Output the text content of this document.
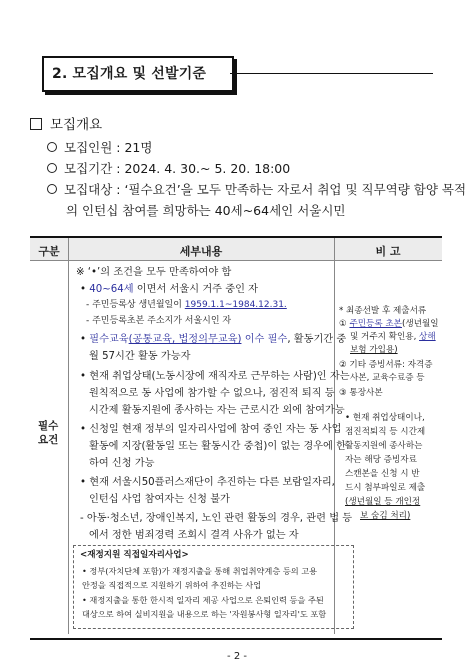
2. 모집개요 및 선발기준
모집개요
모집인원 : 21명
모집기간 : 2024. 4. 30.~ 5. 20. 18:00
모집대상 : ‘필수요건’을 모두 만족하는 자로서 취업 및 직무역량 함양 목적
의 인턴십 참여를 희망하는 40세~64세인 서울시민
구분	세부내용	비 고
필수
요건
※ ‘•’의 조건을 모두 만족하여야 함
• 40~64세 이면서 서울시 거주 중인 자
- 주민등록상 생년월일이 1959.1.1~1984.12.31.
- 주민등록초본 주소지가 서울시인 자
• 필수교육(공통교육, 법정의무교육) 이수 필수, 활동기간 중
월 57시간 활동 가능자
• 현재 취업상태(노동시장에 재직자로 근무하는 사람)인 자는
원칙적으로 동 사업에 참가할 수 없으나, 점진적 퇴직 등
시간제 활동지원에 종사하는 자는 근로시간 외에 참여가능
• 신청일 현재 정부의 일자리사업에 참여 중인 자는 동 사업
활동에 지장(활동일 또는 활동시간 중첩)이 없는 경우에 한
하여 신청 가능
• 현재 서울시50플러스재단이 추진하는 다른 보람일자리,
인턴십 사업 참여자는 신청 불가
- 아동·청소년, 장애인복지, 노인 관련 활동의 경우, 관련 법 등
에서 정한 범죄경력 조회시 결격 사유가 없는 자
<재정지원 직접일자리사업>
• 정부(자치단체 포함)가 재정지출을 통해 취업취약계층 등의 고용
안정을 직접적으로 지원하기 위하여 추진하는 사업
• 재정지출을 통한 한시적 일자리 제공 사업으로 은퇴인력 등을 주된
대상으로 하여 실비지원을 내용으로 하는 '자원봉사형 일자리'도 포함
* 최종선발 후 제출서류
① 주민등록 초본(생년월일
및 거주지 확인용, 상해
보험 가입용)
② 기타 증빙서류: 자격증
사본, 교육수료증 등
③ 통장사본
• 현재 취업상태이나,
점진적퇴직 등 시간제
활동지원에 종사하는
자는 해당 증빙자료
스캔본을 신청 시 반
드시 첨부파일로 제출
(생년월일 등 개인정
보 숨김 처리)
- 2 -
